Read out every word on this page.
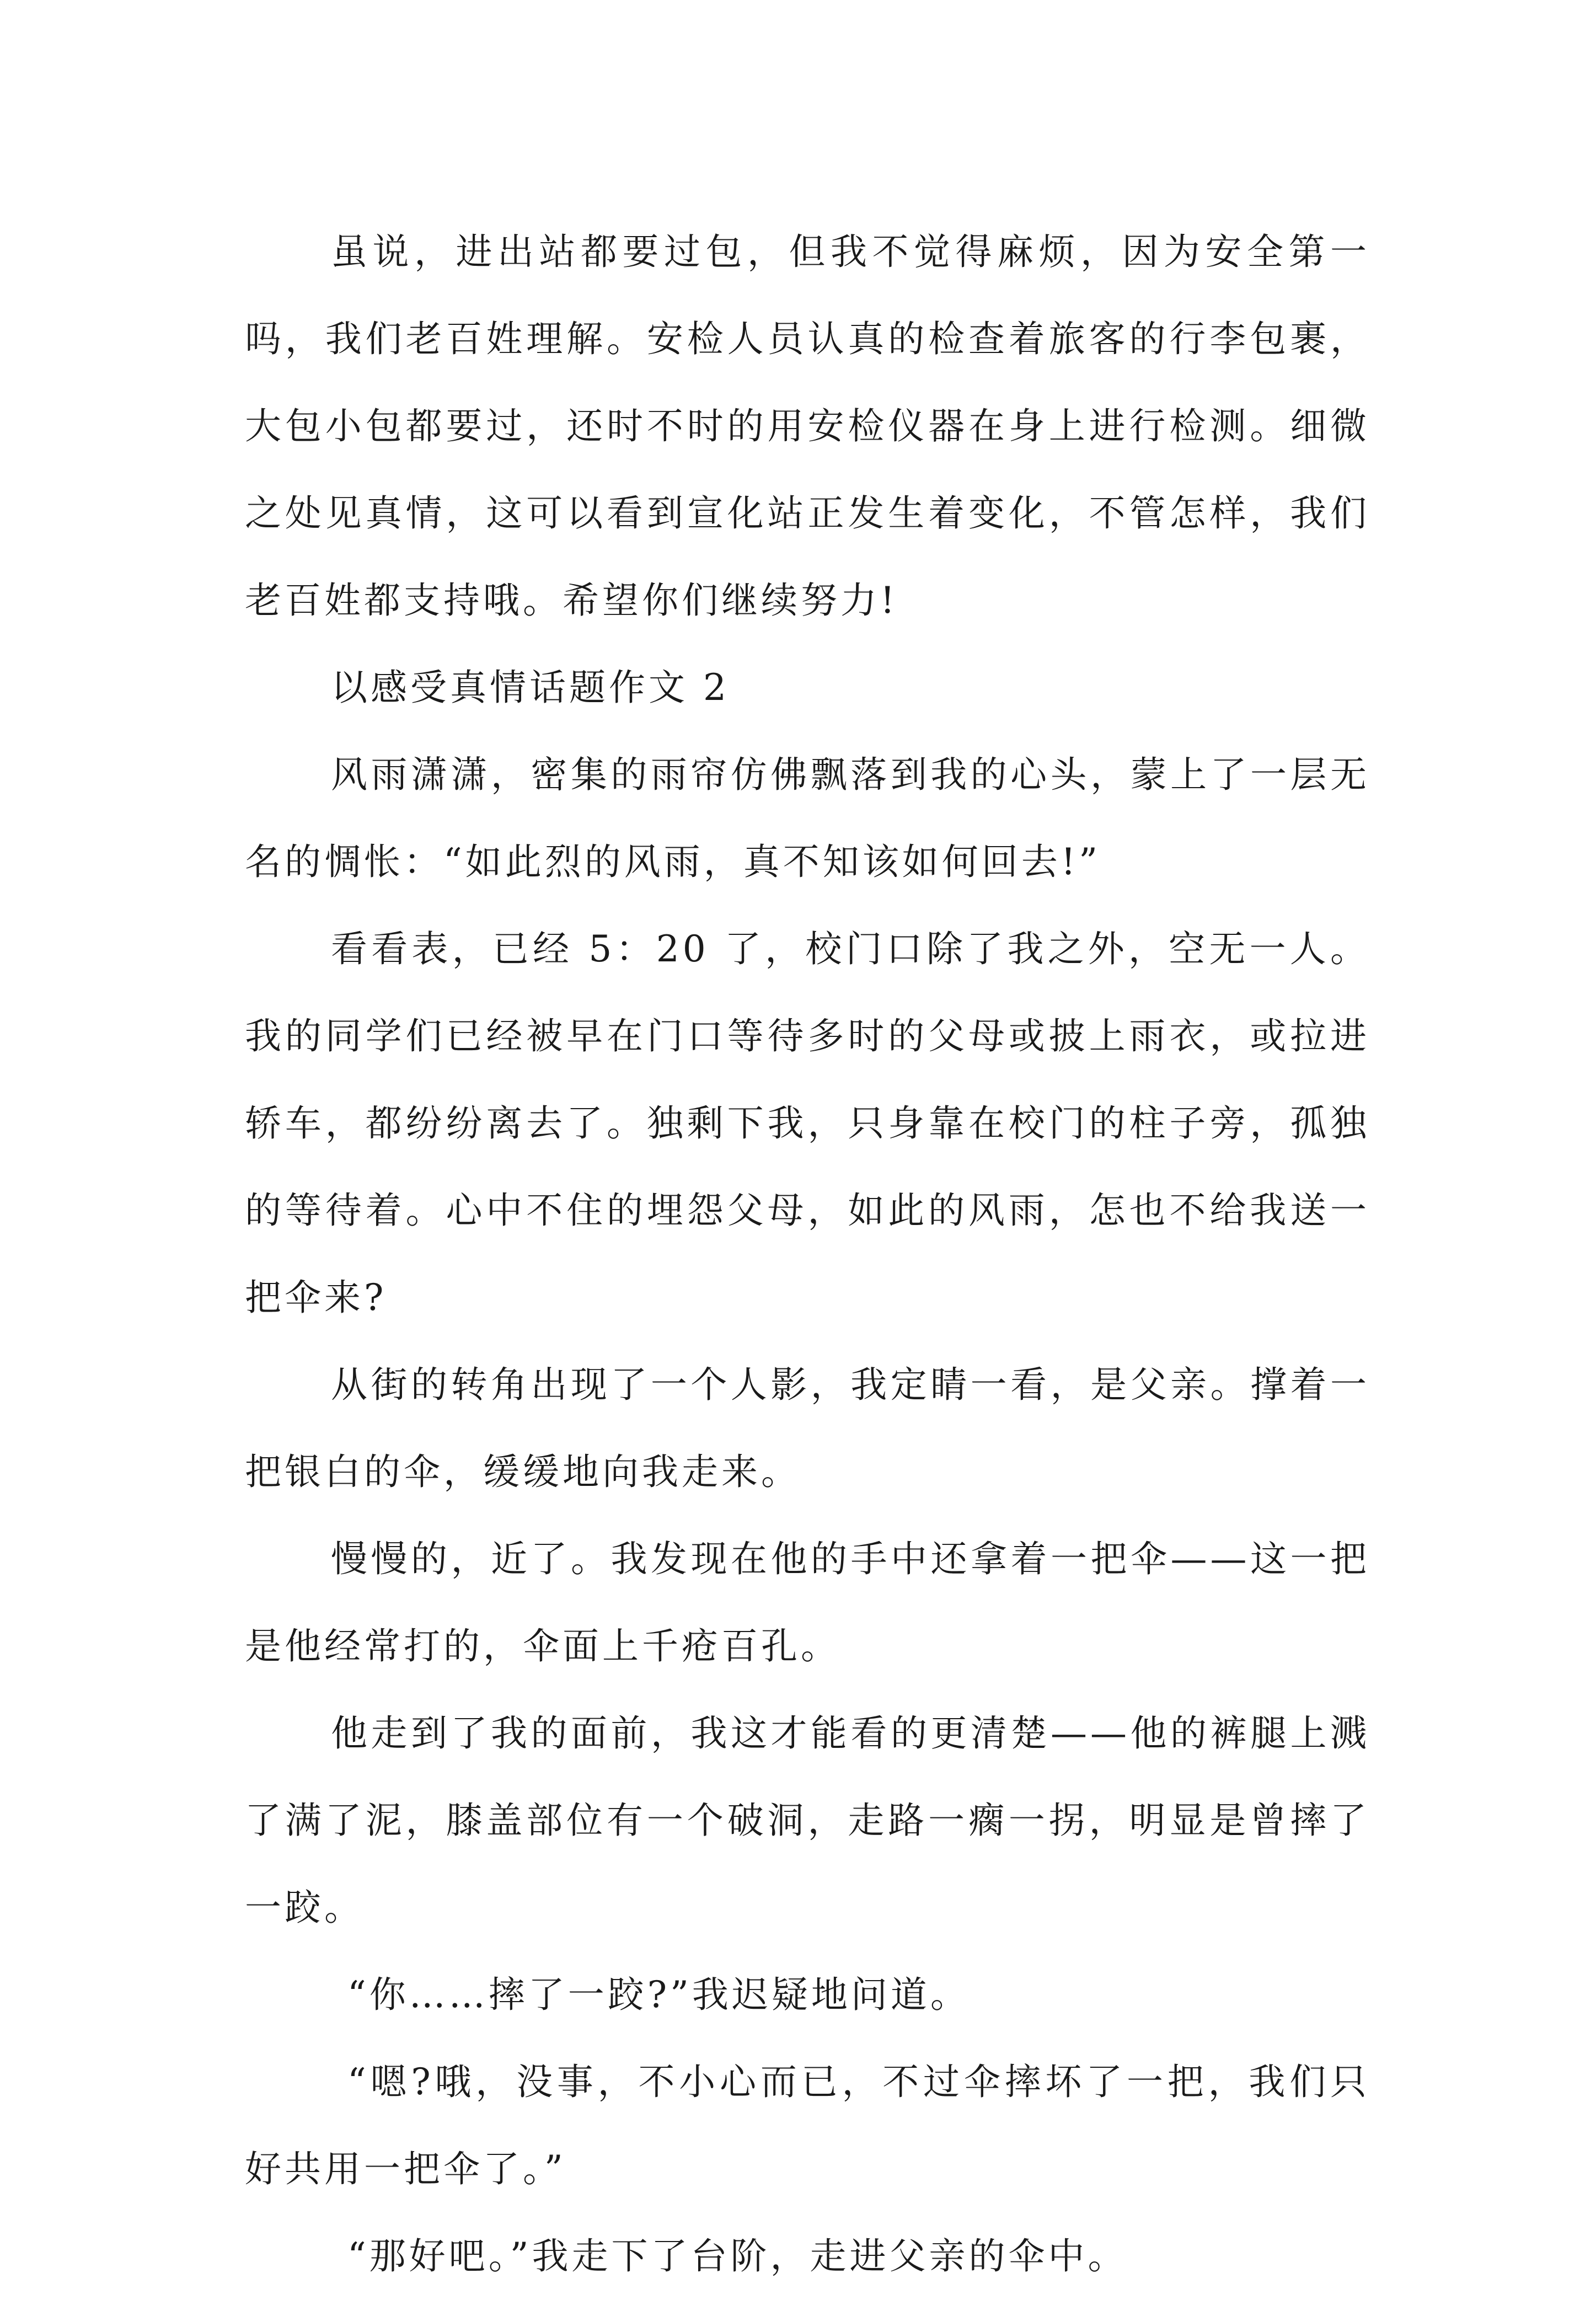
虽说，进出站都要过包，但我不觉得麻烦，因为安全第一吗，我们老百姓理解。安检人员认真的检查着旅客的行李包裹，大包小包都要过，还时不时的用安检仪器在身上进行检测。细微之处见真情，这可以看到宣化站正发生着变化，不管怎样，我们老百姓都支持哦。希望你们继续努力!

以感受真情话题作文 2

风雨潇潇，密集的雨帘仿佛飘落到我的心头，蒙上了一层无名的惆怅：“如此烈的风雨，真不知该如何回去!”

看看表，已经 5：20 了，校门口除了我之外，空无一人。我的同学们已经被早在门口等待多时的父母或披上雨衣，或拉进轿车，都纷纷离去了。独剩下我，只身靠在校门的柱子旁，孤独的等待着。心中不住的埋怨父母，如此的风雨，怎也不给我送一把伞来?

从街的转角出现了一个人影，我定睛一看，是父亲。撑着一把银白的伞，缓缓地向我走来。

慢慢的，近了。我发现在他的手中还拿着一把伞——这一把是他经常打的，伞面上千疮百孔。

他走到了我的面前，我这才能看的更清楚——他的裤腿上溅了满了泥，膝盖部位有一个破洞，走路一瘸一拐，明显是曾摔了一跤。

“你……摔了一跤?”我迟疑地问道。

“嗯?哦，没事，不小心而已，不过伞摔坏了一把，我们只好共用一把伞了。”

“那好吧。”我走下了台阶，走进父亲的伞中。
